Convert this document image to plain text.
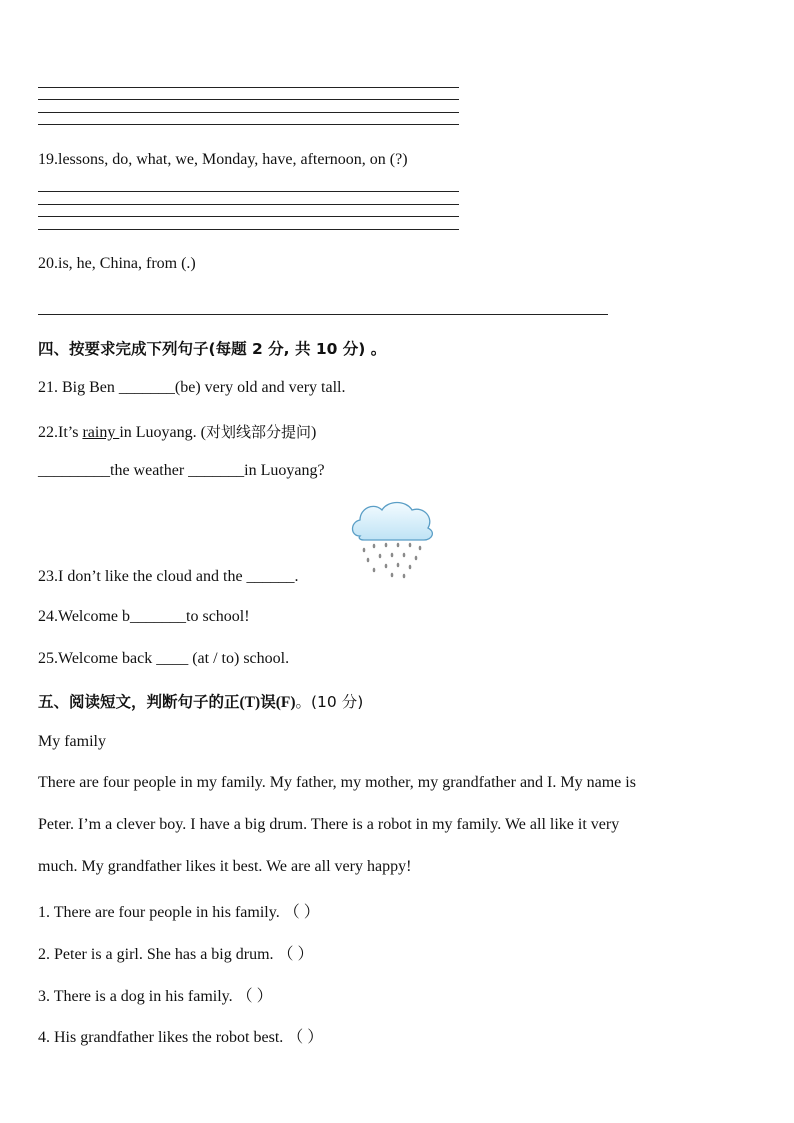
19.lessons, do, what, we, Monday, have, afternoon, on (?)
20.is, he, China, from (.)
四、按要求完成下列句子(每题 2 分, 共 10 分) 。
21. Big Ben _______(be) very old and very tall.
22.It’s rainy in Luoyang. (对划线部分提问)
_________the weather _______in Luoyang?
23.I don’t like the cloud and the ______.
24.Welcome b_______to school!
25.Welcome back ____ (at / to) school.
五、阅读短文，判断句子的正(T)误(F)。(10 分)
My family
There are four people in my family. My father, my mother, my grandfather and I. My name is
Peter. I’m a clever boy. I have a big drum. There is a robot in my family. We all like it very
much. My grandfather likes it best. We are all very happy!
1. There are four people in his family. （ ）
2. Peter is a girl. She has a big drum. （ ）
3. There is a dog in his family. （ ）
4. His grandfather likes the robot best. （ ）
